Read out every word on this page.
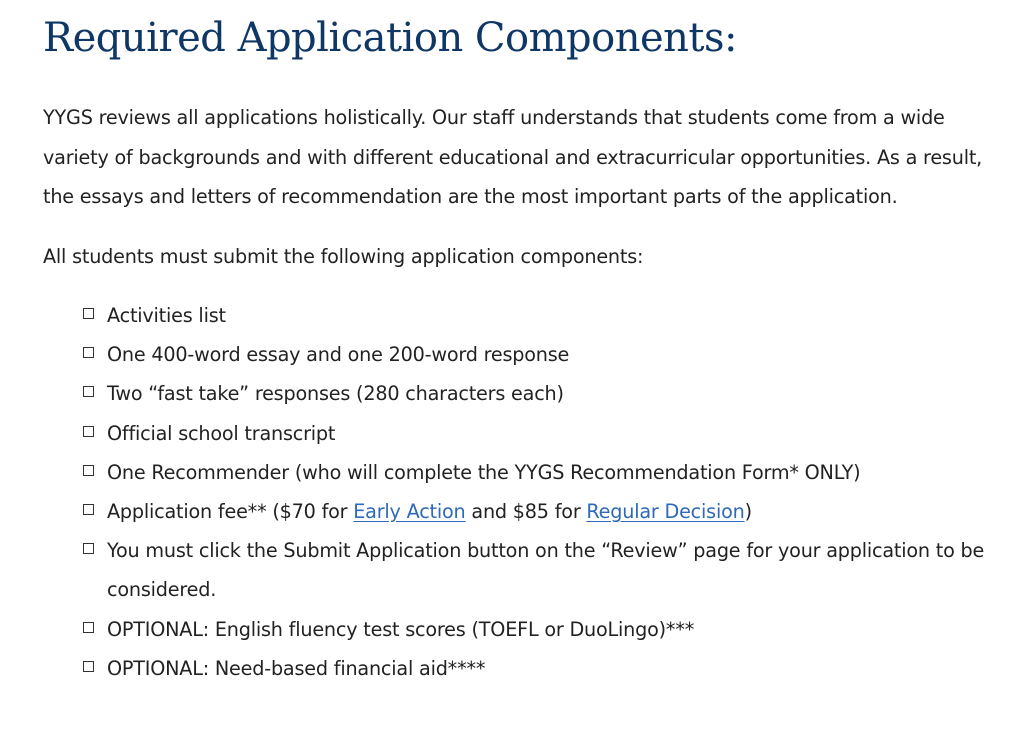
Required Application Components:

YYGS reviews all applications holistically. Our staff understands that students come from a wide variety of backgrounds and with different educational and extracurricular opportunities. As a result, the essays and letters of recommendation are the most important parts of the application.

All students must submit the following application components:

Activities list
One 400-word essay and one 200-word response
Two “fast take” responses (280 characters each)
Official school transcript
One Recommender (who will complete the YYGS Recommendation Form* ONLY)
Application fee** ($70 for Early Action and $85 for Regular Decision)
You must click the Submit Application button on the “Review” page for your application to be considered.
OPTIONAL: English fluency test scores (TOEFL or DuoLingo)***
OPTIONAL: Need-based financial aid****
